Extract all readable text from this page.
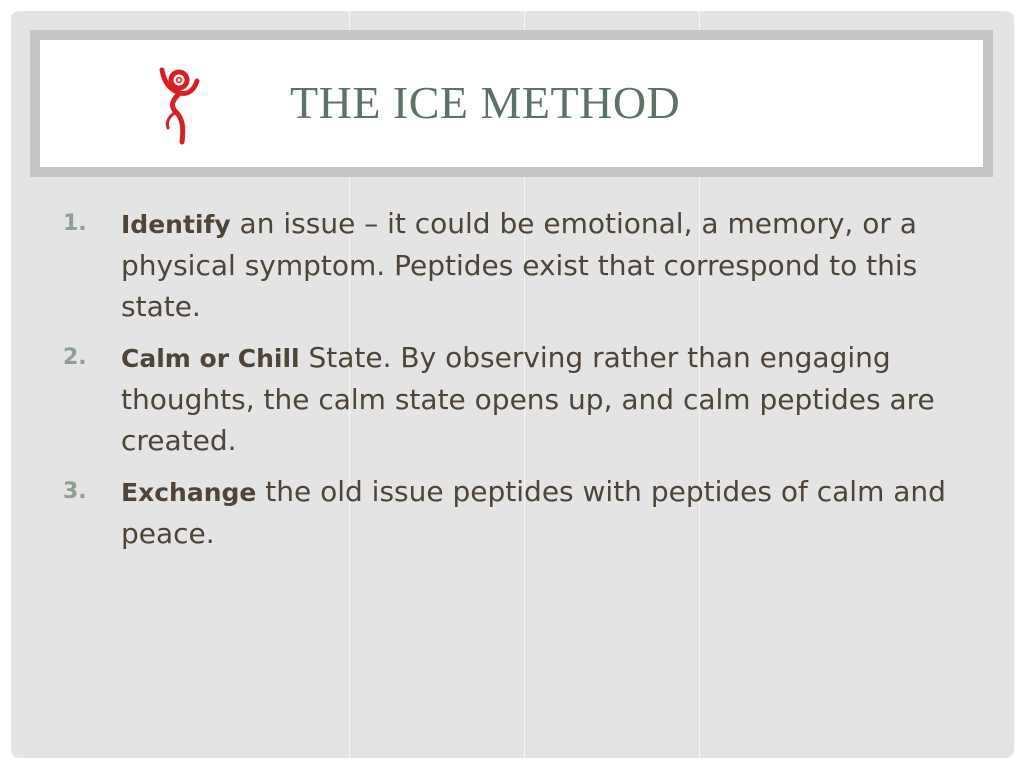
THE ICE METHOD
1. Identify an issue – it could be emotional, a memory, or a physical symptom. Peptides exist that correspond to this state.
2. Calm or Chill State. By observing rather than engaging thoughts, the calm state opens up, and calm peptides are created.
3. Exchange the old issue peptides with peptides of calm and peace.
